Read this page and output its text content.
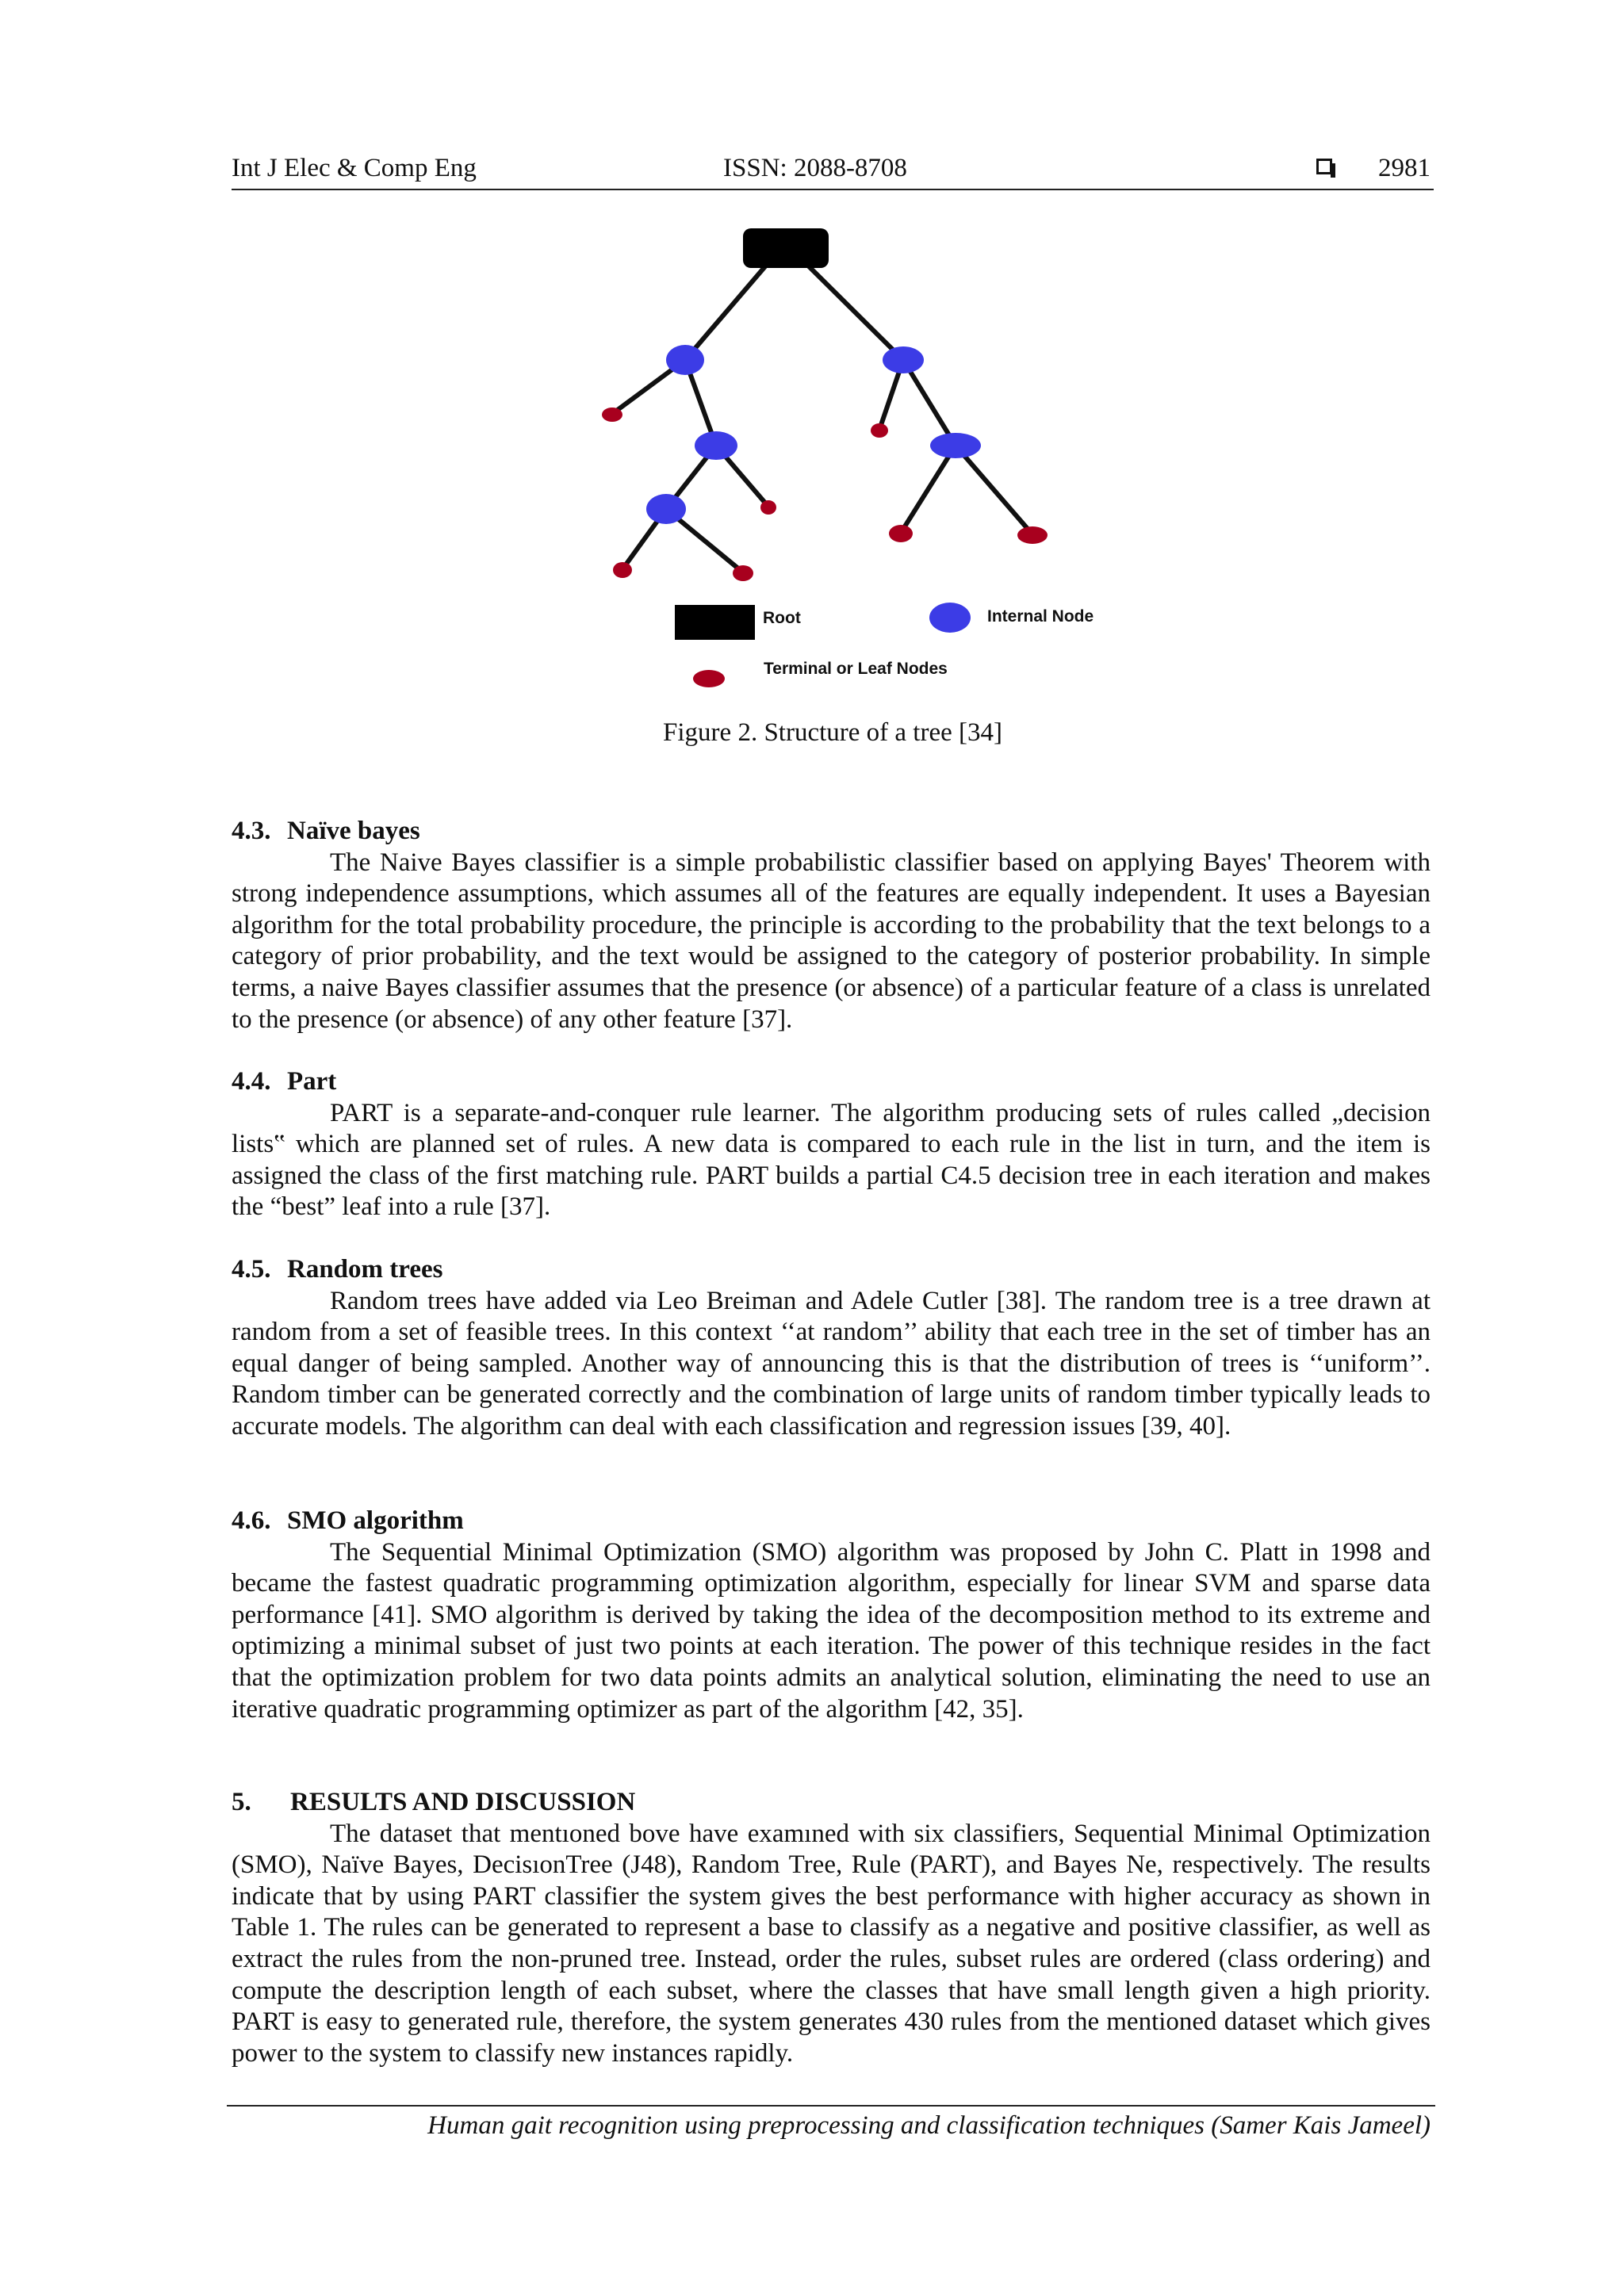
Int J Elec & Comp Eng	ISSN: 2088-8708	2981
Root	Internal Node
Terminal or Leaf Nodes
Figure 2. Structure of a tree [34]
4.3. Naïve bayes

The Naive Bayes classifier is a simple probabilistic classifier based on applying Bayes' Theorem with strong independence assumptions, which assumes all of the features are equally independent. It uses a Bayesian algorithm for the total probability procedure, the principle is according to the probability that the text belongs to a category of prior probability, and the text would be assigned to the category of posterior probability. In simple terms, a naive Bayes classifier assumes that the presence (or absence) of a particular feature of a class is unrelated to the presence (or absence) of any other feature [37].

4.4. Part

PART is a separate-and-conquer rule learner. The algorithm producing sets of rules called „decision lists‟ which are planned set of rules. A new data is compared to each rule in the list in turn, and the item is assigned the class of the first matching rule. PART builds a partial C4.5 decision tree in each iteration and makes the “best” leaf into a rule [37].

4.5. Random trees

Random trees have added via Leo Breiman and Adele Cutler [38]. The random tree is a tree drawn at random from a set of feasible trees. In this context ‘‘at random’’ ability that each tree in the set of timber has an equal danger of being sampled. Another way of announcing this is that the distribution of trees is ‘‘uniform’’. Random timber can be generated correctly and the combination of large units of random timber typically leads to accurate models. The algorithm can deal with each classification and regression issues [39, 40].

4.6. SMO algorithm

The Sequential Minimal Optimization (SMO) algorithm was proposed by John C. Platt in 1998 and became the fastest quadratic programming optimization algorithm, especially for linear SVM and sparse data performance [41]. SMO algorithm is derived by taking the idea of the decomposition method to its extreme and optimizing a minimal subset of just two points at each iteration. The power of this technique resides in the fact that the optimization problem for two data points admits an analytical solution, eliminating the need to use an iterative quadratic programming optimizer as part of the algorithm [42, 35].

5. RESULTS AND DISCUSSION

The dataset that mentıoned bove have examıned with six classifiers, Sequential Minimal Optimization (SMO), Naïve Bayes, DecisıonTree (J48), Random Tree, Rule (PART), and Bayes Ne, respectively. The results indicate that by using PART classifier the system gives the best performance with higher accuracy as shown in Table 1. The rules can be generated to represent a base to classify as a negative and positive classifier, as well as extract the rules from the non-pruned tree. Instead, order the rules, subset rules are ordered (class ordering) and compute the description length of each subset, where the classes that have small length given a high priority. PART is easy to generated rule, therefore, the system generates 430 rules from the mentioned dataset which gives power to the system to classify new instances rapidly.

Human gait recognition using preprocessing and classification techniques (Samer Kais Jameel)
